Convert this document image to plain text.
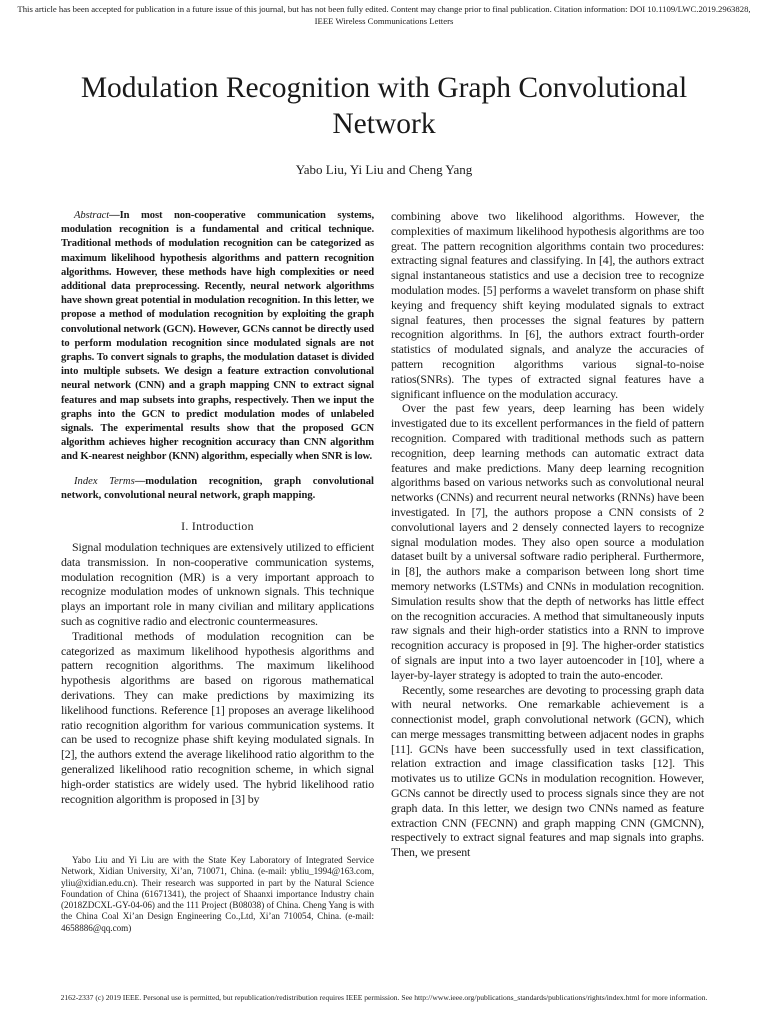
This article has been accepted for publication in a future issue of this journal, but has not been fully edited. Content may change prior to final publication. Citation information: DOI 10.1109/LWC.2019.2963828, IEEE Wireless Communications Letters
Modulation Recognition with Graph Convolutional Network
Yabo Liu, Yi Liu and Cheng Yang

Abstract—In most non-cooperative communication systems, modulation recognition is a fundamental and critical technique. Traditional methods of modulation recognition can be categorized as maximum likelihood hypothesis algorithms and pattern recognition algorithms. However, these methods have high complexities or need additional data preprocessing. Recently, neural network algorithms have shown great potential in modulation recognition. In this letter, we propose a method of modulation recognition by exploiting the graph convolutional network (GCN). However, GCNs cannot be directly used to perform modulation recognition since modulated signals are not graphs. To convert signals to graphs, the modulation dataset is divided into multiple subsets. We design a feature extraction convolutional neural network (CNN) and a graph mapping CNN to extract signal features and map subsets into graphs, respectively. Then we input the graphs into the GCN to predict modulation modes of unlabeled signals. The experimental results show that the proposed GCN algorithm achieves higher recognition accuracy than CNN algorithm and K-nearest neighbor (KNN) algorithm, especially when SNR is low.

Index Terms—modulation recognition, graph convolutional network, convolutional neural network, graph mapping.

I. Introduction

Signal modulation techniques are extensively utilized to efficient data transmission. In non-cooperative communication systems, modulation recognition (MR) is a very important approach to recognize modulation modes of unknown signals. This technique plays an important role in many civilian and military applications such as cognitive radio and electronic countermeasures.

Traditional methods of modulation recognition can be categorized as maximum likelihood hypothesis algorithms and pattern recognition algorithms. The maximum likelihood hypothesis algorithms are based on rigorous mathematical derivations. They can make predictions by maximizing its likelihood functions. Reference [1] proposes an average likelihood ratio recognition algorithm for various communication systems. It can be used to recognize phase shift keying modulated signals. In [2], the authors extend the average likelihood ratio algorithm to the generalized likelihood ratio recognition scheme, in which signal high-order statistics are widely used. The hybrid likelihood ratio recognition algorithm is proposed in [3] by

Yabo Liu and Yi Liu are with the State Key Laboratory of Integrated Service Network, Xidian University, Xi’an, 710071, China. (e-mail: ybliu_1994@163.com, yliu@xidian.edu.cn). Their research was supported in part by the Natural Science Foundation of China (61671341), the project of Shaanxi importance Industry chain (2018ZDCXL-GY-04-06) and the 111 Project (B08038) of China. Cheng Yang is with the China Coal Xi’an Design Engineering Co.,Ltd, Xi’an 710054, China. (e-mail: 4658886@qq.com)

combining above two likelihood algorithms. However, the complexities of maximum likelihood hypothesis algorithms are too great. The pattern recognition algorithms contain two procedures: extracting signal features and classifying. In [4], the authors extract signal instantaneous statistics and use a decision tree to recognize modulation modes. [5] performs a wavelet transform on phase shift keying and frequency shift keying modulated signals to extract signal features, then processes the signal features by pattern recognition algorithms. In [6], the authors extract fourth-order statistics of modulated signals, and analyze the accuracies of pattern recognition algorithms various signal-to-noise ratios(SNRs). The types of extracted signal features have a significant influence on the modulation accuracy.

Over the past few years, deep learning has been widely investigated due to its excellent performances in the field of pattern recognition. Compared with traditional methods such as pattern recognition, deep learning methods can automatic extract data features and make predictions. Many deep learning recognition algorithms based on various networks such as convolutional neural networks (CNNs) and recurrent neural networks (RNNs) have been investigated. In [7], the authors propose a CNN consists of 2 convolutional layers and 2 densely connected layers to recognize signal modulation modes. They also open source a modulation dataset built by a universal software radio peripheral. Furthermore, in [8], the authors make a comparison between long short time memory networks (LSTMs) and CNNs in modulation recognition. Simulation results show that the depth of networks has little effect on the recognition accuracies. A method that simultaneously inputs raw signals and their high-order statistics into a RNN to improve recognition accuracy is proposed in [9]. The higher-order statistics of signals are input into a two layer autoencoder in [10], where a layer-by-layer strategy is adopted to train the auto-encoder.

Recently, some researches are devoting to processing graph data with neural networks. One remarkable achievement is a connectionist model, graph convolutional network (GCN), which can merge messages transmitting between adjacent nodes in graphs [11]. GCNs have been successfully used in text classification, relation extraction and image classification tasks [12]. This motivates us to utilize GCNs in modulation recognition. However, GCNs cannot be directly used to process signals since they are not graph data. In this letter, we design two CNNs named as feature extraction CNN (FECNN) and graph mapping CNN (GMCNN), respectively to extract signal features and map signals into graphs. Then, we present

2162-2337 (c) 2019 IEEE. Personal use is permitted, but republication/redistribution requires IEEE permission. See http://www.ieee.org/publications_standards/publications/rights/index.html for more information.
